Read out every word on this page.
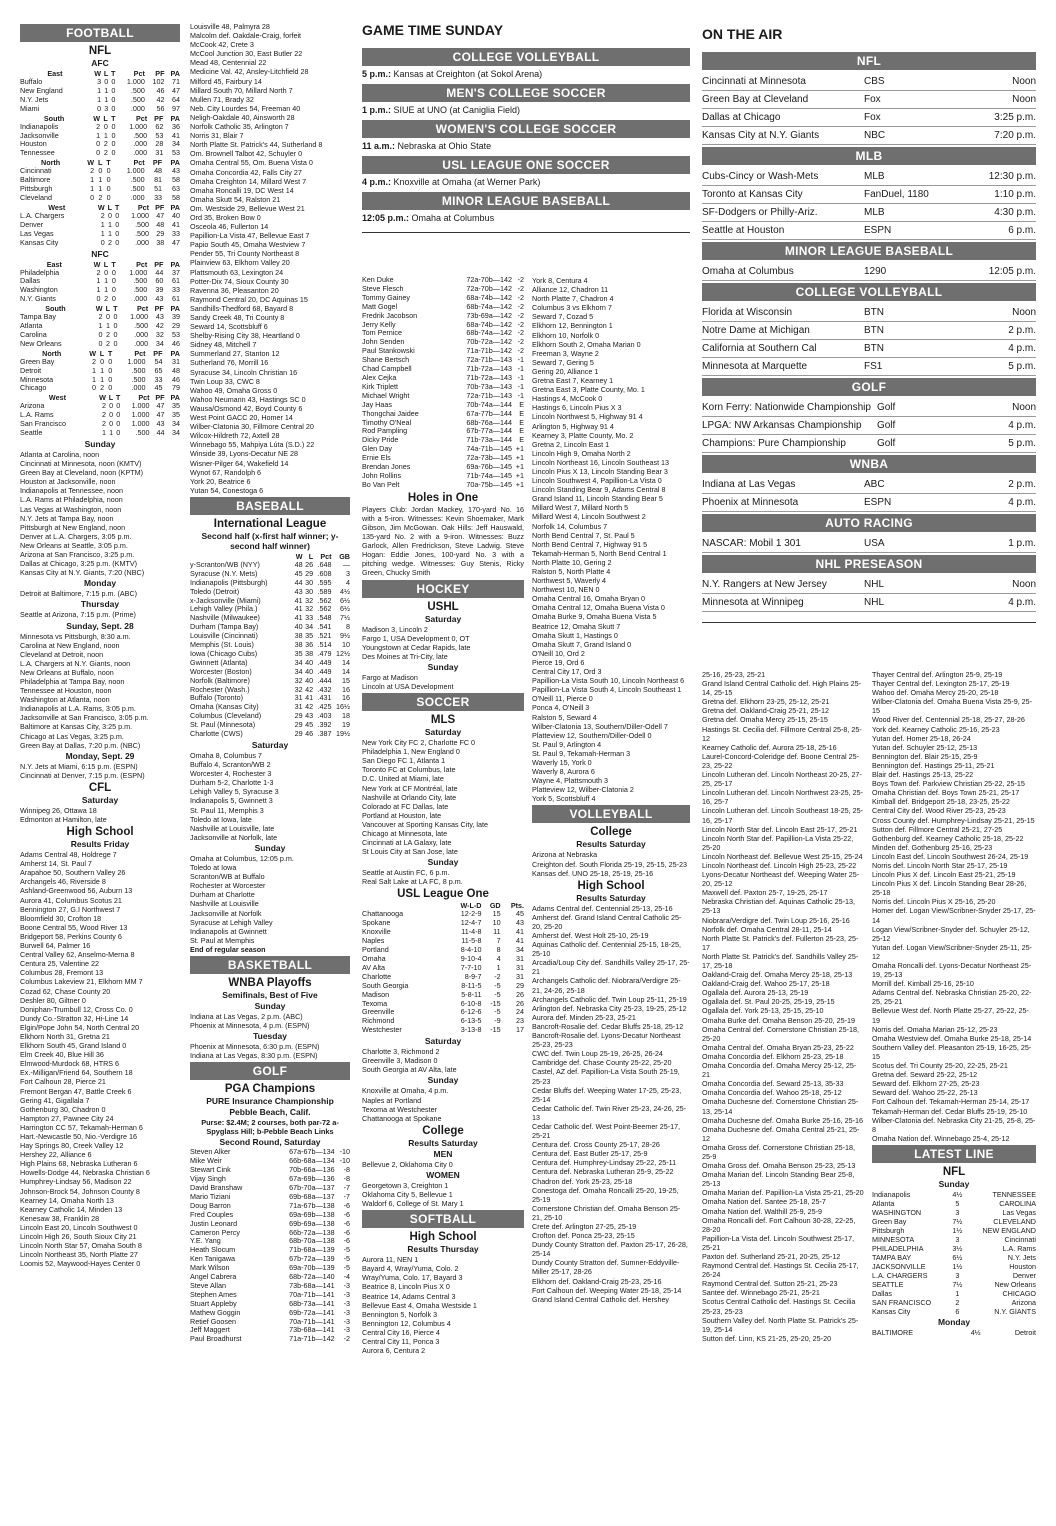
FOOTBALL
NFL
AFC
East	W	L	T	Pct	PF	PA
Buffalo	3	0	0	1.000	102	71
New England	1	1	0	.500	46	47
N.Y. Jets	1	1	0	.500	42	64
Miami	0	3	0	.000	56	97
South	W	L	T	Pct	PF	PA
Indianapolis	2	0	0	1.000	62	36
Jacksonville	1	1	0	.500	53	41
Houston	0	2	0	.000	28	34
Tennessee	0	2	0	.000	31	53
North	W	L	T	Pct	PF	PA
Cincinnati	2	0	0	1.000	48	43
Baltimore	1	1	0	.500	81	58
Pittsburgh	1	1	0	.500	51	63
Cleveland	0	2	0	.000	33	58
West	W	L	T	Pct	PF	PA
L.A. Chargers	2	0	0	1.000	47	40
Denver	1	1	0	.500	48	41
Las Vegas	1	1	0	.500	29	33
Kansas City	0	2	0	.000	38	47
NFC
East	W	L	T	Pct	PF	PA
Philadelphia	2	0	0	1.000	44	37
Dallas	1	1	0	.500	60	61
Washington	1	1	0	.500	39	33
N.Y. Giants	0	2	0	.000	43	61
South	W	L	T	Pct	PF	PA
Tampa Bay	2	0	0	1.000	43	39
Atlanta	1	1	0	.500	42	29
Carolina	0	2	0	.000	32	53
New Orleans	0	2	0	.000	34	46
North	W	L	T	Pct	PF	PA
Green Bay	2	0	0	1.000	54	31
Detroit	1	1	0	.500	65	48
Minnesota	1	1	0	.500	33	46
Chicago	0	2	0	.000	45	79
West	W	L	T	Pct	PF	PA
Arizona	2	0	0	1.000	47	35
L.A. Rams	2	0	0	1.000	47	35
San Francisco	2	0	0	1.000	43	34
Seattle	1	1	0	.500	44	34
Sunday
Atlanta at Carolina, noon
Cincinnati at Minnesota, noon (KMTV)
Green Bay at Cleveland, noon (KPTM)
Houston at Jacksonville, noon
Indianapolis at Tennessee, noon
L.A. Rams at Philadelphia, noon
Las Vegas at Washington, noon
N.Y. Jets at Tampa Bay, noon
Pittsburgh at New England, noon
Denver at L.A. Chargers, 3:05 p.m.
New Orleans at Seattle, 3:05 p.m.
Arizona at San Francisco, 3:25 p.m.
Dallas at Chicago, 3:25 p.m. (KMTV)
Kansas City at N.Y. Giants, 7:20 (NBC)
Monday
Detroit at Baltimore, 7:15 p.m. (ABC)
Thursday
Seattle at Arizona, 7:15 p.m. (Prime)
Sunday, Sept. 28
Minnesota vs Pittsburgh, 8:30 a.m.
Carolina at New England, noon
Cleveland at Detroit, noon
L.A. Chargers at N.Y. Giants, noon
New Orleans at Buffalo, noon
Philadelphia at Tampa Bay, noon
Tennessee at Houston, noon
Washington at Atlanta, noon
Indianapolis at L.A. Rams, 3:05 p.m.
Jacksonville at San Francisco, 3:05 p.m.
Baltimore at Kansas City, 3:25 p.m.
Chicago at Las Vegas, 3:25 p.m.
Green Bay at Dallas, 7:20 p.m. (NBC)
Monday, Sept. 29
N.Y. Jets at Miami, 6:15 p.m. (ESPN)
Cincinnati at Denver, 7:15 p.m. (ESPN)
CFL
Saturday
Winnipeg 26, Ottawa 18
Edmonton at Hamilton, late
High School
Results Friday
Adams Central 48, Holdrege 7
Amherst 14, St. Paul 7
Arapahoe 50, Southern Valley 26
Archangels 46, Riverside 8
Ashland-Greenwood 56, Auburn 13
Aurora 41, Columbus Scotus 21
Bennington 27, G.I Northwest 7
Bloomfield 30, Crofton 18
Boone Central 55, Wood River 13
Bridgeport 58, Perkins County 6
Burwell 64, Palmer 16
Central Valley 62, Anselmo-Merna 8
Centura 25, Valentine 22
Columbus 28, Fremont 13
Columbus Lakeview 21, Elkhorn MM 7
Cozad 62, Chase County 20
Deshler 80, Giltner 0
Doniphan-Trumbull 12, Cross Co. 0
Dundy Co.-Stratton 32, Hi-Line 14
Elgin/Pope John 54, North Central 20
Elkhorn North 31, Gretna 21
Elkhorn South 45, Grand Island 0
Elm Creek 40, Blue Hill 36
Elmwood-Murdock 68, HTRS 6
Ex.-Milligan/Friend 64, Southern 18
Fort Calhoun 28, Pierce 21
Fremont Bergan 47, Battle Creek 6
Gering 41, Gigallala 7
Gothenburg 30, Chadron 0
Hampton 27, Pawnee City 24
Harrington CC 57, Tekamah-Herman 6
Hart.-Newcastle 50, Nio.-Verdigre 16
Hay Springs 80, Creek Valley 12
Hershey 22, Alliance 6
High Plains 68, Nebraska Lutheran 6
Howells-Dodge 44, Nebraska Christian 6
Humphrey-Lindsay 56, Madison 22
Johnson-Brock 54, Johnson County 8
Kearney 14, Omaha North 13
Kearney Catholic 14, Minden 13
Kenesaw 38, Franklin 28
Lincoln East 20, Lincoln Southwest 0
Lincoln High 26, South Sioux City 21
Lincoln North Star 57, Omaha South 8
Lincoln Northeast 35, North Platte 27
Loomis 52, Maywood-Hayes Center 0
Louisville 48, Palmyra 28
Malcolm def. Oakdale-Craig, forfeit
McCook 42, Crete 3
McCool Junction 30, East Butler 22
Mead 48, Centennial 22
Medicine Val. 42, Ansley-Litchfield 28
Milford 45, Fairbury 14
Millard South 70, Millard North 7
Mullen 71, Brady 32
Neb. City Lourdes 54, Freeman 40
Neligh-Oakdale 40, Ainsworth 28
Norfolk Catholic 35, Arlington 7
Norris 31, Blair 7
North Platte St. Patrick's 44, Sutherland 8
Om. Brownell Talbot 42, Schuyler 0
Omaha Central 55, Om. Buena Vista 0
Omaha Concordia 42, Falls City 27
Omaha Creighton 14, Millard West 7
Omaha Roncalli 19, DC West 14
Omaha Skutt 54, Ralston 21
Om. Westside 29, Bellevue West 21
Ord 35, Broken Bow 0
Osceola 46, Fullerton 14
Papillion-La Vista 47, Bellevue East 7
Papio South 45, Omaha Westview 7
Pender 55, Tri County Northeast 8
Plainview 63, Elkhorn Valley 20
Plattsmouth 63, Lexington 24
Potter-Dix 74, Sioux County 30
Ravenna 36, Pleasanton 20
Raymond Central 20, DC Aquinas 15
Sandhills-Thedford 68, Bayard 8
Sandy Creek 48, Tri County 8
Seward 14, Scottsbluff 6
Shelby-Rising City 38, Heartland 0
Sidney 48, Mitchell 7
Summerland 27, Stanton 12
Sutherland 76, Morrill 16
Syracuse 34, Lincoln Christian 16
Twin Loup 33, CWC 8
Wahoo 49, Omaha Gross 0
Wahoo Neumann 43, Hastings SC 0
Wausa/Osmond 42, Boyd County 6
West Point GACC 20, Homer 14
Wilber-Clatonia 30, Fillmore Central 20
Wilcox-Hildreth 72, Axtell 28
Winnebago 55, Mahpiya Lúta (S.D.) 22
Winside 39, Lyons-Decatur NE 28
Wisner-Pilger 64, Wakefield 14
Wynot 67, Randolph 6
York 20, Beatrice 6
Yutan 54, Conestoga 6
BASEBALL
International League
Second half (x-first half winner; y-second half winner)
	W	L	Pct	GB
y-Scranton/WB (NYY)	48	26	.648	—
Syracuse (N.Y. Mets)	45	29	.608	3
Indianapolis (Pittsburgh)	44	30	.595	4
Toledo (Detroit)	43	30	.589	4½
x-Jacksonville (Miami)	41	32	.562	6½
Lehigh Valley (Phila.)	41	32	.562	6½
Nashville (Milwaukee)	41	33	.548	7½
Durham (Tampa Bay)	40	34	.541	8
Louisville (Cincinnati)	38	35	.521	9½
Memphis (St. Louis)	38	36	.514	10
Iowa (Chicago Cubs)	35	38	.479	12½
Gwinnett (Atlanta)	34	40	.449	14
Worcester (Boston)	34	40	.449	14
Norfolk (Baltimore)	32	40	.444	15
Rochester (Wash.)	32	42	.432	16
Buffalo (Toronto)	31	41	.431	16
Omaha (Kansas City)	31	42	.425	16½
Columbus (Cleveland)	29	43	.403	18
St. Paul (Minnesota)	29	45	.392	19
Charlotte (CWS)	29	46	.387	19½
Saturday
Omaha 8, Columbus 7
Buffalo 4, Scranton/WB 2
Worcester 4, Rochester 3
Durham 5-2, Charlotte 1-3
Lehigh Valley 5, Syracuse 3
Indianapolis 5, Gwinnett 3
St. Paul 11, Memphis 3
Toledo at Iowa, late
Nashville at Louisville, late
Jacksonville at Norfolk, late
Sunday
Omaha at Columbus, 12:05 p.m.
Toledo at Iowa
Scranton/WB at Buffalo
Rochester at Worcester
Durham at Charlotte
Nashville at Louisville
Jacksonville at Norfolk
Syracuse at Lehigh Valley
Indianapolis at Gwinnett
St. Paul at Memphis
End of regular season
BASKETBALL
WNBA Playoffs
Semifinals, Best of Five
Sunday
Indiana at Las Vegas, 2 p.m. (ABC)
Phoenix at Minnesota, 4 p.m. (ESPN)
Tuesday
Phoenix at Minnesota, 6:30 p.m. (ESPN)
Indiana at Las Vegas, 8:30 p.m. (ESPN)
GOLF
PGA Champions
PURE Insurance Championship
Pebble Beach, Calif.
Purse: $2.4M; 2 courses, both par-72 a-Spyglass Hill; b-Pebble Beach Links
Second Round, Saturday
Steven Alker	67a-67b—134	-10
Mike Weir	66b-68a—134	-10
Stewart Cink	70b-66a—136	-8
Vijay Singh	67a-69b—136	-8
David Branshaw	67b-70a—137	-7
Mario Tiziani	69b-68a—137	-7
Doug Barron	71a-67b—138	-6
Fred Couples	69a-69b—138	-6
Justin Leonard	69b-69a—138	-6
Cameron Percy	66b-72a—138	-6
Y.E. Yang	68b-70a—138	-6
Heath Slocum	71b-68a—139	-5
Ken Tanigawa	67b-72a—139	-5
Mark Wilson	69a-70b—139	-5
Angel Cabrera	68b-72a—140	-4
Steve Allan	73b-68a—141	-3
Stephen Ames	70a-71b—141	-3
Stuart Appleby	68b-73a—141	-3
Mathew Goggin	69b-72a—141	-3
Retief Goosen	70a-71b—141	-3
Jeff Maggert	73b-68a—141	-3
Paul Broadhurst	71a-71b—142	-2
GAME TIME SUNDAY
COLLEGE VOLLEYBALL
5 p.m.: Kansas at Creighton (at Sokol Arena)
MEN'S COLLEGE SOCCER
1 p.m.: SIUE at UNO (at Caniglia Field)
WOMEN'S COLLEGE SOCCER
11 a.m.: Nebraska at Ohio State
USL LEAGUE ONE SOCCER
4 p.m.: Knoxville at Omaha (at Werner Park)
MINOR LEAGUE BASEBALL
12:05 p.m.: Omaha at Columbus
Ken Duke	72a-70b—142	-2
Steve Flesch	72a-70b—142	-2
Tommy Gainey	68a-74b—142	-2
Matt Gogel	68b-74a—142	-2
Fredrik Jacobson	73b-69a—142	-2
Jerry Kelly	68a-74b—142	-2
Tom Pernice	68b-74a—142	-2
John Senden	70b-72a—142	-2
Paul Stankowski	71a-71b—142	-2
Shane Bertsch	72a-71b—143	-1
Chad Campbell	71b-72a—143	-1
Alex Cejka	71b-72a—143	-1
Kirk Triplett	70b-73a—143	-1
Michael Wright	72a-71b—143	-1
Jay Haas	70b-74a—144	E
Thongchai Jaidee	67a-77b—144	E
Timothy O'Neal	68b-76a—144	E
Rod Pampling	67b-77a—144	E
Dicky Pride	71b-73a—144	E
Glen Day	74a-71b—145	+1
Ernie Els	72a-73b—145	+1
Brendan Jones	69a-76b—145	+1
John Rollins	71b-74a—145	+1
Bo Van Pelt	70a-75b—145	+1
Holes in One
Players Club: Jordan Mackey, 170-yard No. 16 with a 5-iron. Witnesses: Kevin Shoemaker, Mark Gibson, Jim McGowan. Oak Hills: Jeff Hauswald, 135-yard No. 2 with a 9-iron. Witnesses: Buzz Garlock, Allen Fredrickson, Steve Ladwig. Steve Hogan: Eddie Jones, 100-yard No. 3 with a pitching wedge. Witnesses: Guy Stenis, Ricky Green, Chucky Smith
HOCKEY
USHL
Saturday
Madison 3, Lincoln 2
Fargo 1, USA Development 0, OT
Youngstown at Cedar Rapids, late
Des Moines at Tri-City, late
Sunday
Fargo at Madison
Lincoln at USA Development
SOCCER
MLS
Saturday
New York City FC 2, Charlotte FC 0
Philadelphia 1, New England 0
San Diego FC 1, Atlanta 1
Toronto FC at Columbus, late
D.C. United at Miami, late
New York at CF Montréal, late
Nashville at Orlando City, late
Colorado at FC Dallas, late
Portland at Houston, late
Vancouver at Sporting Kansas City, late
Chicago at Minnesota, late
Cincinnati at LA Galaxy, late
St Louis City at San Jose, late
Sunday
Seattle at Austin FC, 6 p.m.
Real Salt Lake at LA FC, 8 p.m.
USL League One
	W-L-D	GD	Pts.
Chattanooga	12-2-9	15	45
Spokane	12-4-7	10	43
Knoxville	11-4-8	11	41
Naples	11-5-8	7	41
Portland	8-4-10	8	34
Omaha	9-10-4	4	31
AV Alta	7-7-10	1	31
Charlotte	8-9-7	-2	31
South Georgia	8-11-5	-5	29
Madison	5-8-11	-5	26
Texoma	6-10-8	-15	26
Greenville	6-12-6	-5	24
Richmond	6-13-5	-9	23
Westchester	3-13-8	-15	17
Saturday
Charlotte 3, Richmond 2
Greenville 3, Madison 0
South Georgia at AV Alta, late
Sunday
Knoxville at Omaha, 4 p.m.
Naples at Portland
Texoma at Westchester
Chattanooga at Spokane
College
Results Saturday
MEN
Bellevue 2, Oklahoma City 0
WOMEN
Georgetown 3, Creighton 1
Oklahoma City 5, Bellevue 1
Waldorf 6, College of St. Mary 1
SOFTBALL
High School
Results Thursday
Aurora 11, NEN 1
Bayard 4, Wray/Yuma, Colo. 2
Wray/Yuma, Colo. 17, Bayard 3
Beatrice 8, Lincoln Pius X 0
Beatrice 14, Adams Central 3
Bellevue East 4, Omaha Westside 1
Bennington 5, Norfolk 3
Bennington 12, Columbus 4
Central City 16, Pierce 4
Central City 11, Ponca 3
Aurora 6, Centura 2
York 8, Centura 4
Alliance 12, Chadron 11
North Platte 7, Chadron 4
Columbus 3 vs Elkhorn 7
Seward 7, Cozad 5
Elkhorn 12, Bennington 1
Elkhorn 10, Norfolk 0
Elkhorn South 2, Omaha Marian 0
Freeman 3, Wayne 2
Seward 7, Gering 5
Gering 20, Alliance 1
Gretna East 7, Kearney 1
Gretna East 3, Platte County, Mo. 1
Hastings 4, McCook 0
Hastings 6, Lincoln Pius X 3
Lincoln Northwest 5, Highway 91 4
Arlington 5, Highway 91 4
Kearney 3, Platte County, Mo. 2
Gretna 2, Lincoln East 1
Lincoln High 9, Omaha North 2
Lincoln Northeast 16, Lincoln Southeast 13
Lincoln Pius X 13, Lincoln Standing Bear 3
Lincoln Southwest 4, Papillion-La Vista 0
Lincoln Standing Bear 9, Adams Central 8
Grand Island 11, Lincoln Standing Bear 5
Millard West 7, Millard North 5
Millard West 4, Lincoln Southwest 2
Norfolk 14, Columbus 7
North Bend Central 7, St. Paul 5
North Bend Central 7, Highway 91 5
Tekamah-Herman 5, North Bend Central 1
North Platte 10, Gering 2
Ralston 5, North Platte 4
Northwest 5, Waverly 4
Northwest 10, NEN 0
Omaha Central 16, Omaha Bryan 0
Omaha Central 12, Omaha Buena Vista 0
Omaha Burke 9, Omaha Buena Vista 5
Beatrice 12, Omaha Skutt 7
Omaha Skutt 1, Hastings 0
Omaha Skutt 7, Grand Island 0
O'Neill 10, Ord 2
Pierce 19, Ord 6
Central City 17, Ord 3
Papillion-La Vista South 10, Lincoln Northeast 6
Papillion-La Vista South 4, Lincoln Southeast 1
O'Neill 11, Pierce 0
Ponca 4, O'Neill 3
Ralston 5, Seward 4
Wilber-Clatonia 13, Southern/Diller-Odell 7
Platteview 12, Southern/Diller-Odell 0
St. Paul 9, Arlington 4
St. Paul 9, Tekamah-Herman 3
Waverly 15, York 0
Waverly 8, Aurora 6
Wayne 4, Plattsmouth 3
Platteview 12, Wilber-Clatonia 2
York 5, Scottsbluff 4
VOLLEYBALL
College
Results Saturday
Arizona at Nebraska
Creighton def. South Florida 25-19, 25-15, 25-23
Kansas def. UNO 25-18, 25-19, 25-16
High School
Results Saturday
Adams Central def. Centennial 25-13, 25-16
Amherst def. Grand Island Central Catholic 25-20, 25-20
Amherst def. West Holt 25-10, 25-19
Aquinas Catholic def. Centennial 25-15, 18-25, 25-10
Arcadia/Loup City def. Sandhills Valley 25-17, 25-21
Archangels Catholic def. Niobrara/Verdigre 25-21, 24-26, 25-18
Archangels Catholic def. Twin Loup 25-11, 25-19
Arlington def. Nebraska City 25-23, 19-25, 25-12
Aurora def. Minden 25-23, 25-21
Bancroft-Rosalie def. Cedar Bluffs 25-18, 25-12
Bancroft-Rosalie def. Lyons-Decatur Northeast 25-23, 25-23
CWC def. Twin Loup 25-19, 26-25, 26-24
Cambridge def. Chase County 25-22, 25-20
Castel, AZ def. Papillion-La Vista South 25-19, 25-23
Cedar Bluffs def. Weeping Water 17-25, 25-23, 25-14
Cedar Catholic def. Twin River 25-23, 24-26, 25-13
Cedar Catholic def. West Point-Beemer 25-17, 25-21
Centura def. Cross County 25-17, 28-26
Centura def. East Butler 25-17, 25-9
Centura def. Humphrey-Lindsay 25-22, 25-11
Centura def. Nebraska Lutheran 25-9, 25-22
Chadron def. York 25-23, 25-18
Conestoga def. Omaha Roncalli 25-20, 19-25, 25-19
Cornerstone Christian def. Omaha Benson 25-21, 25-10
Crete def. Arlington 27-25, 25-19
Crofton def. Ponca 25-23, 25-15
Dundy County Stratton def. Paxton 25-17, 26-28, 25-14
Dundy County Stratton def. Sumner-Eddyville-Miller 25-17, 28-26
Elkhorn def. Oakland-Craig 25-23, 25-16
Fort Calhoun def. Weeping Water 25-18, 25-14
Grand Island Central Catholic def. Hershey
ON THE AIR
NFL
Cincinnati at Minnesota	CBS	Noon
Green Bay at Cleveland	Fox	Noon
Dallas at Chicago	Fox	3:25 p.m.
Kansas City at N.Y. Giants	NBC	7:20 p.m.
MLB
Cubs-Cincy or Wash-Mets	MLB	12:30 p.m.
Toronto at Kansas City	FanDuel, 1180	1:10 p.m.
SF-Dodgers or Philly-Ariz.	MLB	4:30 p.m.
Seattle at Houston	ESPN	6 p.m.
MINOR LEAGUE BASEBALL
Omaha at Columbus	1290	12:05 p.m.
COLLEGE VOLLEYBALL
Florida at Wisconsin	BTN	Noon
Notre Dame at Michigan	BTN	2 p.m.
California at Southern Cal	BTN	4 p.m.
Minnesota at Marquette	FS1	5 p.m.
GOLF
Korn Ferry: Nationwide Championship	Golf	Noon
LPGA: NW Arkansas Championship	Golf	4 p.m.
Champions: Pure Championship	Golf	5 p.m.
WNBA
Indiana at Las Vegas	ABC	2 p.m.
Phoenix at Minnesota	ESPN	4 p.m.
AUTO RACING
NASCAR: Mobil 1 301	USA	1 p.m.
NHL PRESEASON
N.Y. Rangers at New Jersey	NHL	Noon
Minnesota at Winnipeg	NHL	4 p.m.
25-16, 25-23, 25-21
Grand Island Central Catholic def. High Plains 25-14, 25-15
Gretna def. Elkhorn 23-25, 25-12, 25-21
Gretna def. Oakland-Craig 25-21, 25-12
Gretna def. Omaha Mercy 25-15, 25-15
Hastings St. Cecilia def. Fillmore Central 25-8, 25-12
Kearney Catholic def. Aurora 25-18, 25-16
Laurel-Concord-Coleridge def. Boone Central 25-23, 25-22
Lincoln Lutheran def. Lincoln Northeast 20-25, 27-25, 25-17
Lincoln Lutheran def. Lincoln Northwest 23-25, 25-16, 25-7
Lincoln Lutheran def. Lincoln Southeast 18-25, 25-16, 25-17
Lincoln North Star def. Lincoln East 25-17, 25-21
Lincoln North Star def. Papillion-La Vista 25-22, 25-20
Lincoln Northeast def. Bellevue West 25-15, 25-24
Lincoln Northeast def. Lincoln High 25-23, 25-22
Lyons-Decatur Northeast def. Weeping Water 25-20, 25-12
Maxwell def. Paxton 25-7, 19-25, 25-17
Nebraska Christian def. Aquinas Catholic 25-13, 25-13
Niobrara/Verdigre def. Twin Loup 25-16, 25-16
Norfolk def. Omaha Central 28-11, 25-14
North Platte St. Patrick's def. Fullerton 25-23, 25-17
North Platte St. Patrick's def. Sandhills Valley 25-17, 25-18
Oakland-Craig def. Omaha Mercy 25-18, 25-13
Oakland-Craig def. Wahoo 25-17, 25-18
Ogallala def. Aurora 25-13, 25-19
Ogallala def. St. Paul 20-25, 25-19, 25-15
Ogallala def. York 25-13, 25-15, 25-10
Omaha Burke def. Omaha Benson 25-20, 25-19
Omaha Central def. Cornerstone Christian 25-18, 25-20
Omaha Central def. Omaha Bryan 25-23, 25-22
Omaha Concordia def. Elkhorn 25-23, 25-18
Omaha Concordia def. Omaha Mercy 25-12, 25-21
Omaha Concordia def. Seward 25-13, 35-33
Omaha Concordia def. Wahoo 25-18, 25-12
Omaha Duchesne def. Cornerstone Christian 25-13, 25-14
Omaha Duchesne def. Omaha Burke 25-16, 25-16
Omaha Duchesne def. Omaha Central 25-21, 25-12
Omaha Gross def. Cornerstone Christian 25-18, 25-9
Omaha Gross def. Omaha Benson 25-23, 25-13
Omaha Marian def. Lincoln Standing Bear 25-8, 25-13
Omaha Marian def. Papillion-La Vista 25-21, 25-20
Omaha Nation def. Santee 25-18, 25-7
Omaha Nation def. Walthill 25-9, 25-9
Omaha Roncalli def. Fort Calhoun 30-28, 22-25, 28-20
Papillion-La Vista def. Lincoln Southwest 25-17, 25-21
Paxton def. Sutherland 25-21, 20-25, 25-12
Raymond Central def. Hastings St. Cecilia 25-17, 26-24
Raymond Central def. Sutton 25-21, 25-23
Santee def. Winnebago 25-21, 25-21
Scotus Central Catholic def. Hastings St. Cecilia 25-23, 25-23
Southern Valley def. North Platte St. Patrick's 25-19, 25-14
Sutton def. Linn, KS 21-25, 25-20, 25-20
Thayer Central def. Arlington 25-9, 25-19
Thayer Central def. Lexington 25-17, 25-19
Wahoo def. Omaha Mercy 25-20, 25-18
Wilber-Clatonia def. Omaha Buena Vista 25-9, 25-15
Wood River def. Centennial 25-18, 25-27, 28-26
York def. Kearney Catholic 25-16, 25-23
Yutan def. Homer 25-18, 26-24
Yutan def. Schuyler 25-12, 25-13
Bennington def. Blair 25-15, 25-9
Bennington def. Hastings 25-11, 25-21
Blair def. Hastings 25-13, 25-22
Boys Town def. Parkview Christian 25-22, 25-15
Omaha Christian def. Boys Town 25-21, 25-17
Kimball def. Bridgeport 25-18, 23-25, 25-22
Central City def. Wood River 25-23, 25-23
Cross County def. Humphrey-Lindsay 25-21, 25-15
Sutton def. Fillmore Central 25-21, 27-25
Gothenburg def. Kearney Catholic 25-18, 25-22
Minden def. Gothenburg 25-16, 25-23
Lincoln East def. Lincoln Southwest 26-24, 25-19
Norris def. Lincoln North Star 25-17, 25-19
Lincoln Pius X def. Lincoln East 25-21, 25-19
Lincoln Pius X def. Lincoln Standing Bear 28-26, 25-18
Norris def. Lincoln Pius X 25-16, 25-20
Homer def. Logan View/Scribner-Snyder 25-17, 25-14
Logan View/Scribner-Snyder def. Schuyler 25-12, 25-12
Yutan def. Logan View/Scribner-Snyder 25-11, 25-12
Omaha Roncalli def. Lyons-Decatur Northeast 25-19, 25-13
Morrill def. Kimball 25-16, 25-10
Adams Central def. Nebraska Christian 25-20, 22-25, 25-21
Bellevue West def. North Platte 25-27, 25-22, 25-19
Norris def. Omaha Marian 25-12, 25-23
Omaha Westview def. Omaha Burke 25-18, 25-14
Southern Valley def. Pleasanton 25-19, 16-25, 25-15
Scotus def. Tri County 25-20, 22-25, 25-21
Gretna def. Seward 25-22, 25-12
Seward def. Elkhorn 27-25, 25-23
Seward def. Wahoo 25-22, 25-13
Fort Calhoun def. Tekamah-Herman 25-14, 25-17
Tekamah-Herman def. Cedar Bluffs 25-19, 25-10
Wilber-Clatonia def. Nebraska City 21-25, 25-8, 25-8
Omaha Nation def. Winnebago 25-4, 25-12
LATEST LINE
NFL
Sunday
Indianapolis	4½	TENNESSEE
Atlanta	5	CAROLINA
WASHINGTON	3	Las Vegas
Green Bay	7½	CLEVELAND
Pittsburgh	1½	NEW ENGLAND
MINNESOTA	3	Cincinnati
PHILADELPHIA	3½	L.A. Rams
TAMPA BAY	6½	N.Y. Jets
JACKSONVILLE	1½	Houston
L.A. CHARGERS	3	Denver
SEATTLE	7½	New Orleans
Dallas	1	CHICAGO
SAN FRANCISCO	2	Arizona
Kansas City	6	N.Y. GIANTS
Monday
BALTIMORE	4½	Detroit
